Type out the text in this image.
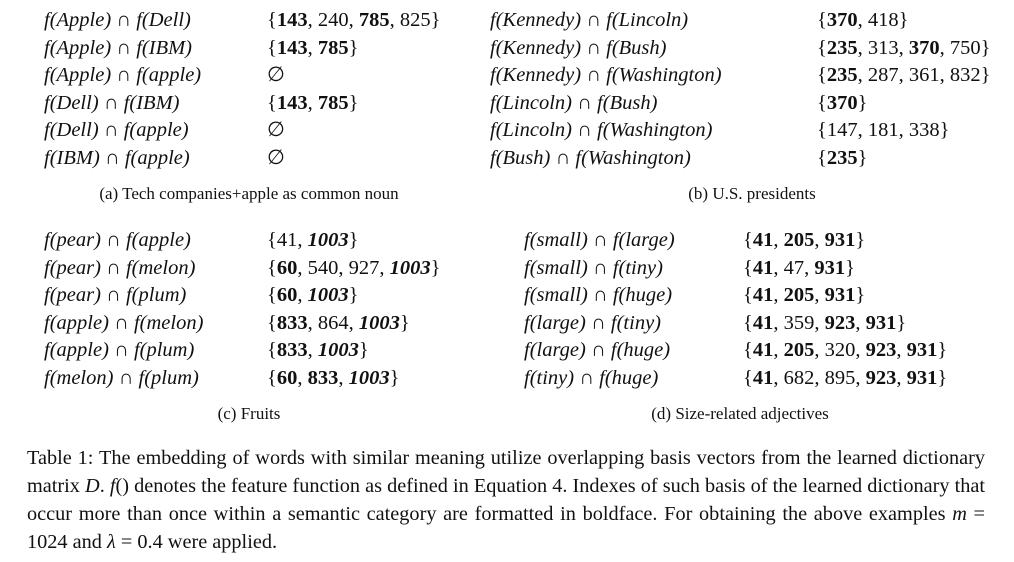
f(Apple) ∩ f(Dell)	{143, 240, 785, 825}
f(Apple) ∩ f(IBM)	{143, 785}
f(Apple) ∩ f(apple)	∅
f(Dell) ∩ f(IBM)	{143, 785}
f(Dell) ∩ f(apple)	∅
f(IBM) ∩ f(apple)	∅
(a) Tech companies+apple as common noun
f(Kennedy) ∩ f(Lincoln)	{370, 418}
f(Kennedy) ∩ f(Bush)	{235, 313, 370, 750}
f(Kennedy) ∩ f(Washington)	{235, 287, 361, 832}
f(Lincoln) ∩ f(Bush)	{370}
f(Lincoln) ∩ f(Washington)	{147, 181, 338}
f(Bush) ∩ f(Washington)	{235}
(b) U.S. presidents
f(pear) ∩ f(apple)	{41, 1003}
f(pear) ∩ f(melon)	{60, 540, 927, 1003}
f(pear) ∩ f(plum)	{60, 1003}
f(apple) ∩ f(melon)	{833, 864, 1003}
f(apple) ∩ f(plum)	{833, 1003}
f(melon) ∩ f(plum)	{60, 833, 1003}
(c) Fruits
f(small) ∩ f(large)	{41, 205, 931}
f(small) ∩ f(tiny)	{41, 47, 931}
f(small) ∩ f(huge)	{41, 205, 931}
f(large) ∩ f(tiny)	{41, 359, 923, 931}
f(large) ∩ f(huge)	{41, 205, 320, 923, 931}
f(tiny) ∩ f(huge)	{41, 682, 895, 923, 931}
(d) Size-related adjectives
Table 1: The embedding of words with similar meaning utilize overlapping basis vectors from the learned dictionary matrix D. f() denotes the feature function as defined in Equation 4. Indexes of such basis of the learned dictionary that occur more than once within a semantic category are formatted in boldface. For obtaining the above examples m = 1024 and λ = 0.4 were applied.
